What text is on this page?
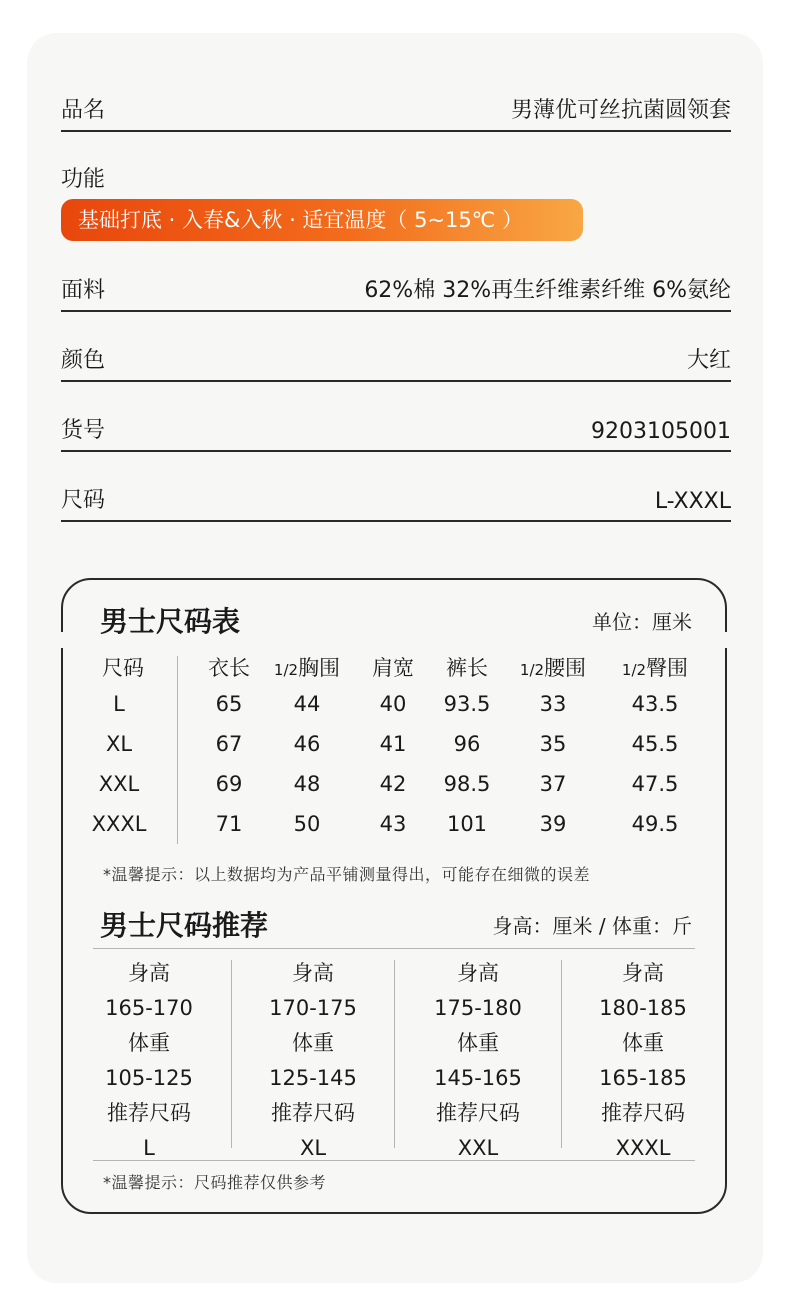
品名	男薄优可丝抗菌圆领套
功能
基础打底 · 入春&入秋 · 适宜温度（ 5~15℃ ）
面料	62%棉 32%再生纤维素纤维 6%氨纶
颜色	大红
货号	9203105001
尺码	L-XXXL
男士尺码表	单位：厘米
尺码	衣长	1/2胸围	肩宽	裤长	1/2腰围	1/2臀围
L	65	44	40	93.5	33	43.5
XL	67	46	41	96	35	45.5
XXL	69	48	42	98.5	37	47.5
XXXL	71	50	43	101	39	49.5
*温馨提示：以上数据均为产品平铺测量得出，可能存在细微的误差
男士尺码推荐	身高：厘米 / 体重：斤
身高
165-170
体重
105-125
推荐尺码
L
身高
170-175
体重
125-145
推荐尺码
XL
身高
175-180
体重
145-165
推荐尺码
XXL
身高
180-185
体重
165-185
推荐尺码
XXXL
*温馨提示：尺码推荐仅供参考
